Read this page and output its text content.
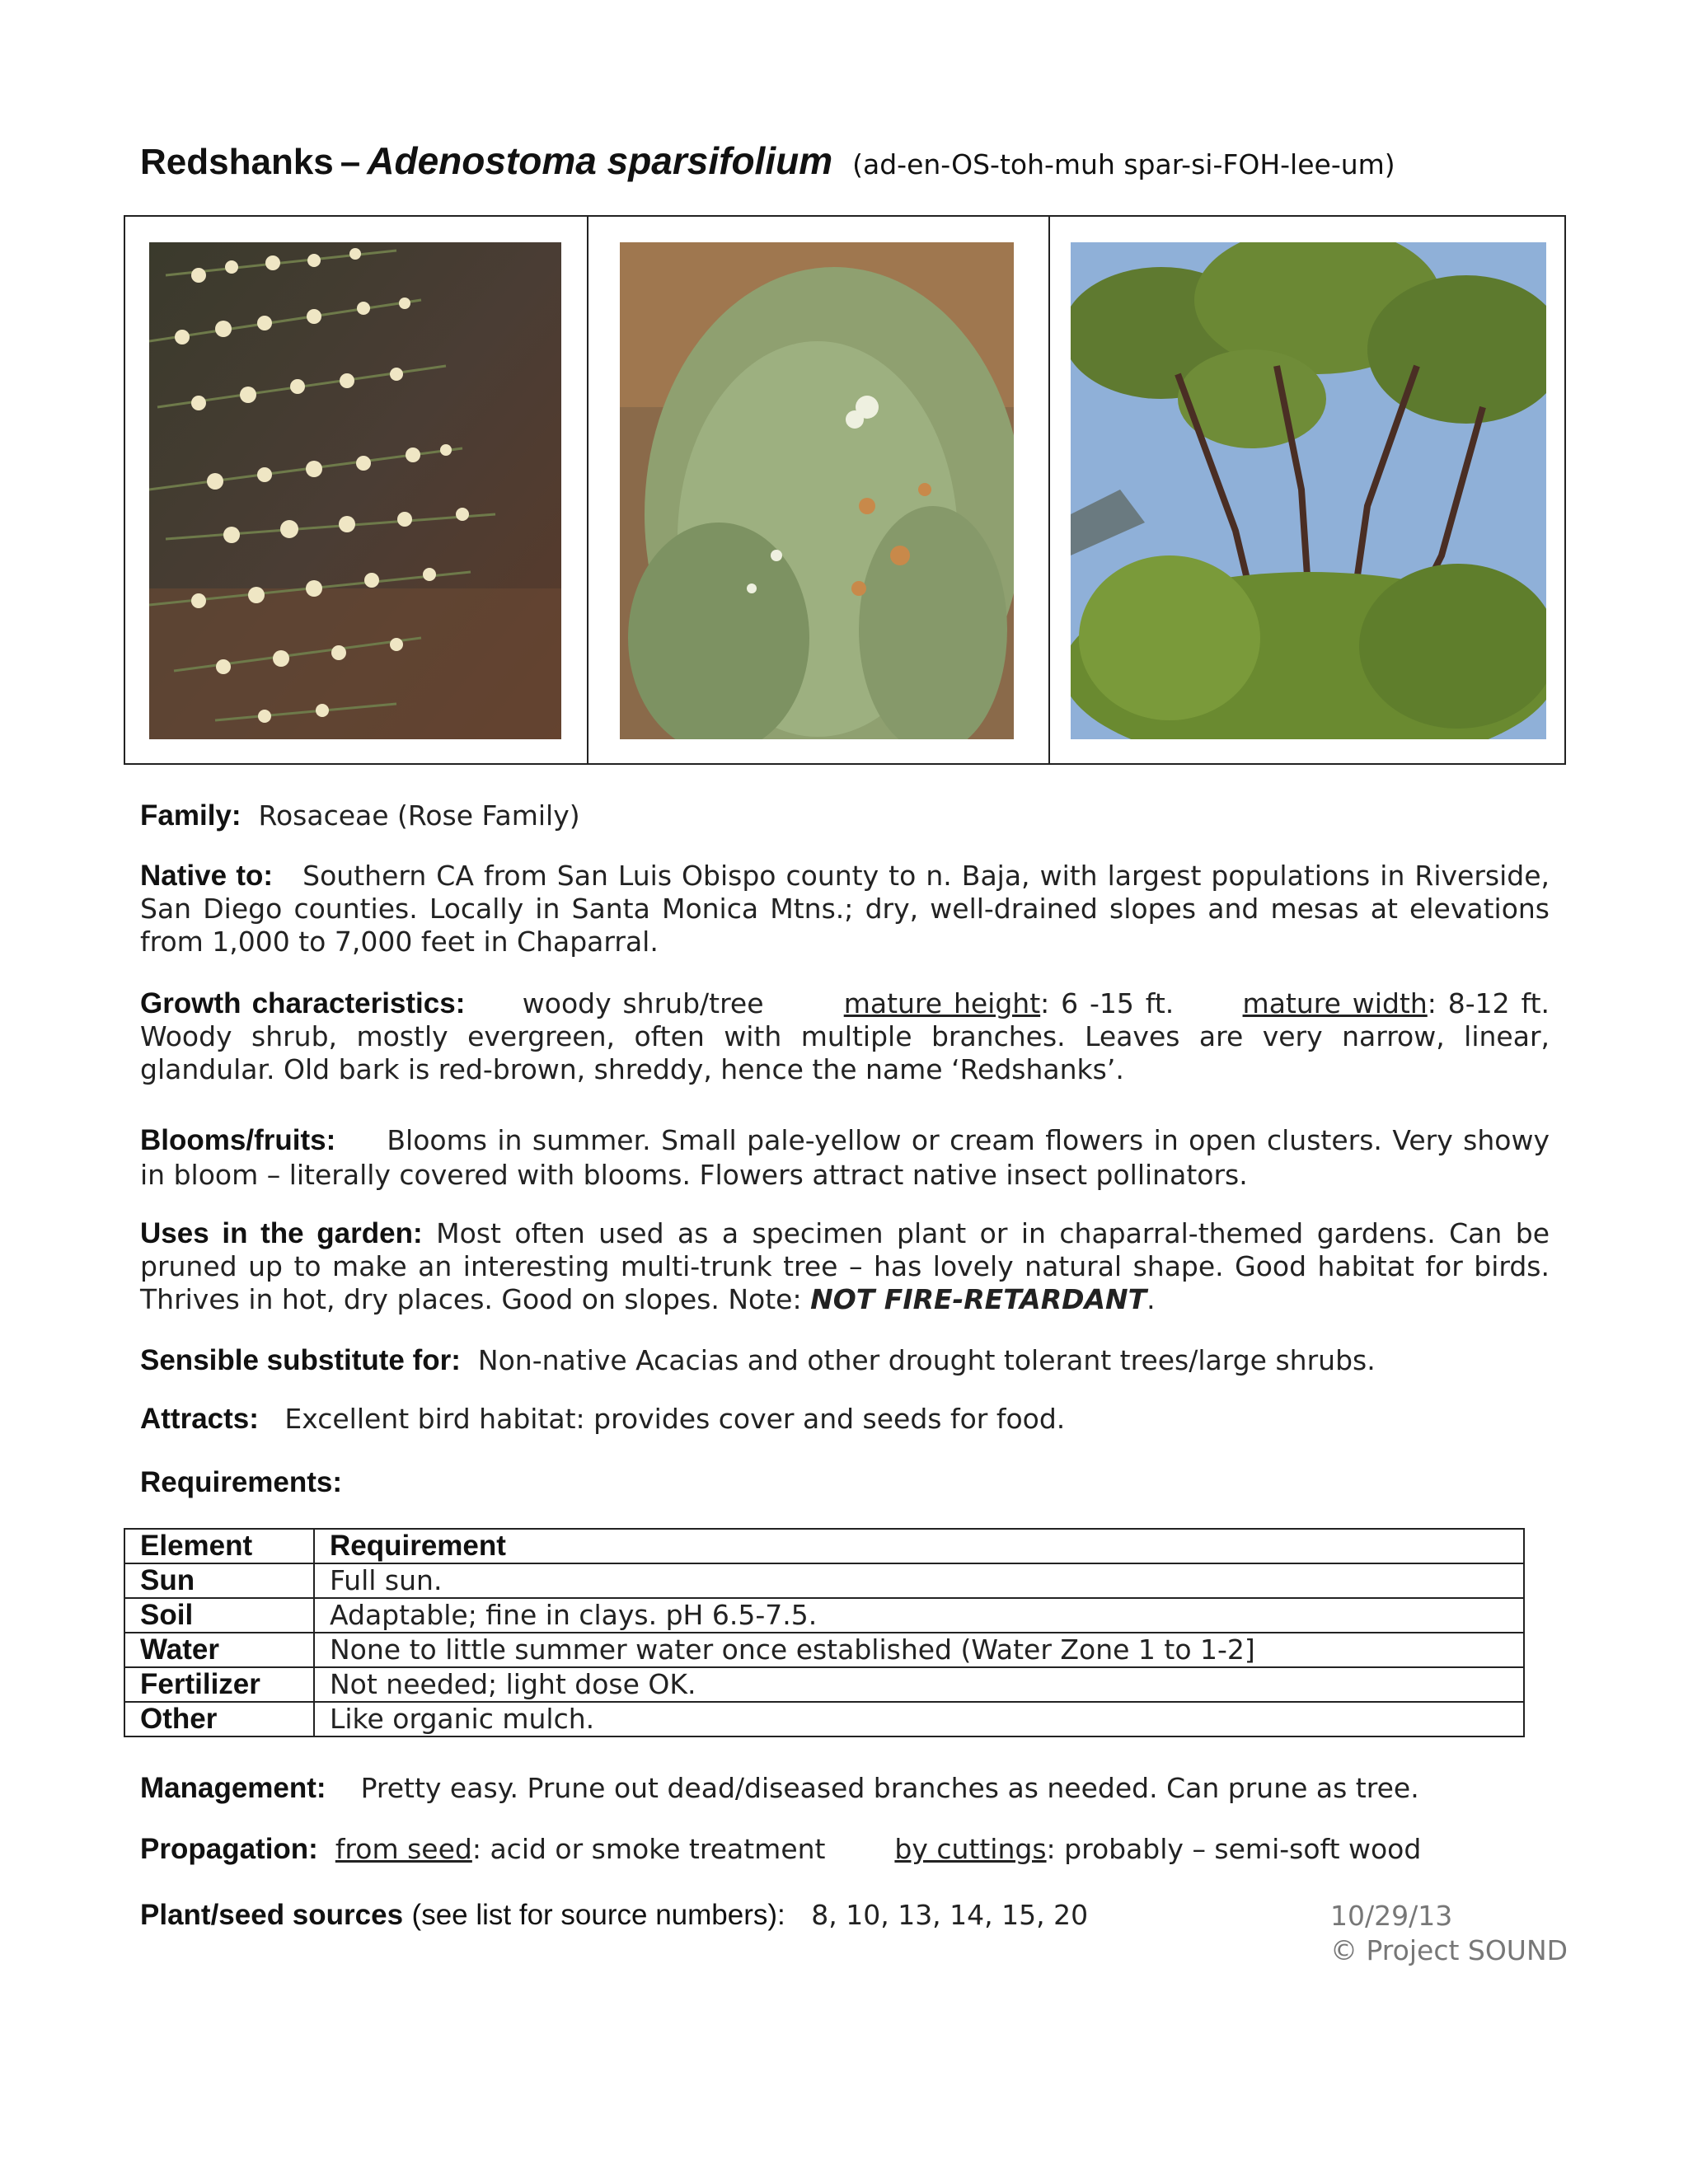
Redshanks – Adenostoma sparsifolium (ad-en-OS-toh-muh spar-si-FOH-lee-um)
Family: Rosaceae (Rose Family)
Native to: Southern CA from San Luis Obispo county to n. Baja, with largest populations in Riverside, San Diego counties. Locally in Santa Monica Mtns.; dry, well-drained slopes and mesas at elevations from 1,000 to 7,000 feet in Chaparral.
Growth characteristics: woody shrub/tree	mature height: 6 -15 ft.	mature width: 8-12 ft. Woody shrub, mostly evergreen, often with multiple branches. Leaves are very narrow, linear, glandular. Old bark is red-brown, shreddy, hence the name ‘Redshanks’.
Blooms/fruits: Blooms in summer. Small pale-yellow or cream flowers in open clusters. Very showy in bloom – literally covered with blooms. Flowers attract native insect pollinators.
Uses in the garden: Most often used as a specimen plant or in chaparral-themed gardens. Can be pruned up to make an interesting multi-trunk tree – has lovely natural shape. Good habitat for birds. Thrives in hot, dry places. Good on slopes. Note: NOT FIRE-RETARDANT.
Sensible substitute for: Non-native Acacias and other drought tolerant trees/large shrubs.
Attracts: Excellent bird habitat: provides cover and seeds for food.
Requirements:
Element	Requirement
Sun	Full sun.
Soil	Adaptable; fine in clays. pH 6.5-7.5.
Water	None to little summer water once established (Water Zone 1 to 1-2]
Fertilizer	Not needed; light dose OK.
Other	Like organic mulch.
Management: Pretty easy. Prune out dead/diseased branches as needed. Can prune as tree.
Propagation: from seed: acid or smoke treatment	by cuttings: probably – semi-soft wood
Plant/seed sources (see list for source numbers): 8, 10, 13, 14, 15, 20	10/29/13
© Project SOUND
